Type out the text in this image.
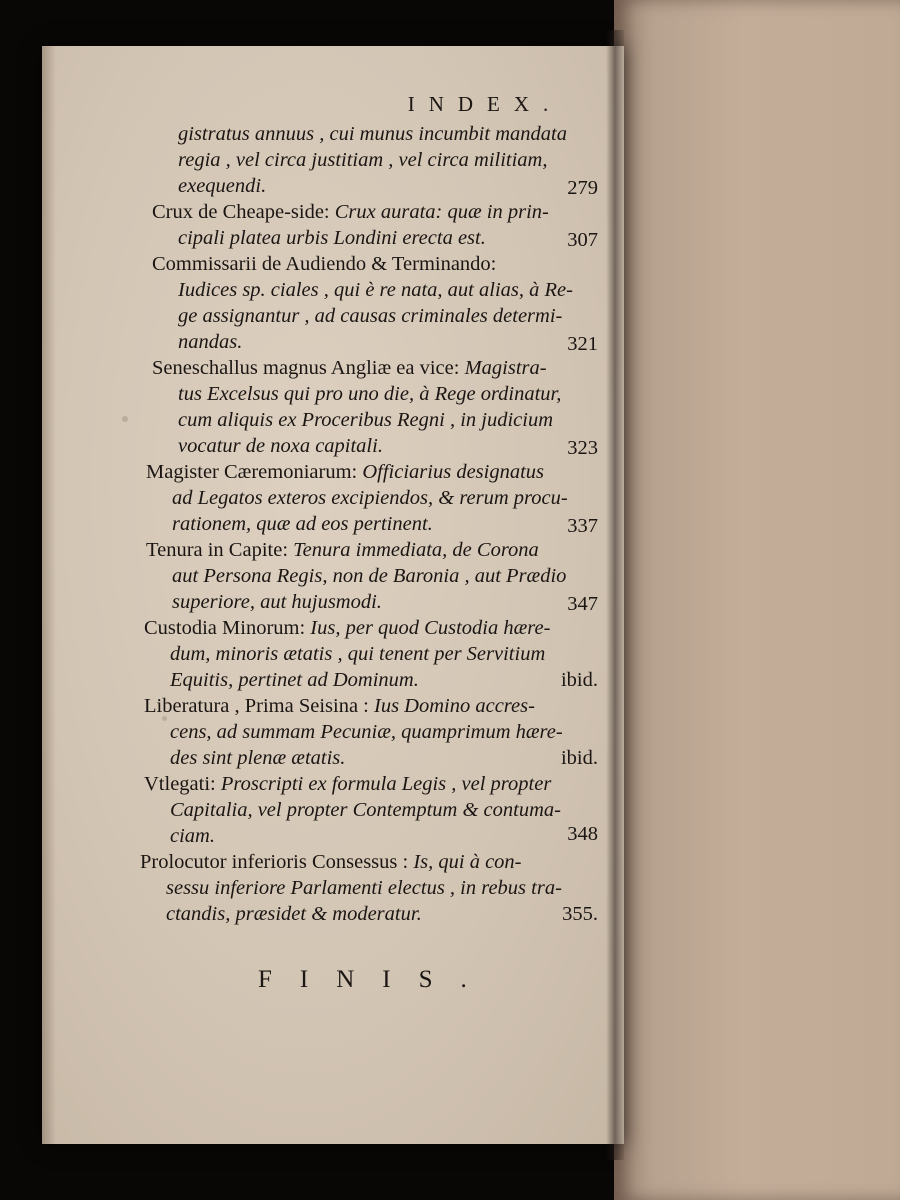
INDEX.
gistratus annuus , cui munus incumbit mandata
regia , vel circa justitiam , vel circa militiam,
exequendi.	279
Crux de Cheape-side: Crux aurata: quæ in prin-
cipali platea urbis Londini erecta est.	307
Commissarii de Audiendo & Terminando:
Iudices sp. ciales , qui è re nata, aut alias, à Re-
ge assignantur , ad causas criminales determi-
nandas.	321
Seneschallus magnus Angliæ ea vice: Magistra-
tus Excelsus qui pro uno die, à Rege ordinatur,
cum aliquis ex Proceribus Regni , in judicium
vocatur de noxa capitali.	323
Magister Cæremoniarum: Officiarius designatus
ad Legatos exteros excipiendos, & rerum procu-
rationem, quæ ad eos pertinent.	337
Tenura in Capite: Tenura immediata, de Corona
aut Persona Regis, non de Baronia , aut Prædio
superiore, aut hujusmodi.	347
Custodia Minorum: Ius, per quod Custodia hære-
dum, minoris ætatis , qui tenent per Servitium
Equitis, pertinet ad Dominum.	ibid.
Liberatura , Prima Seisina : Ius Domino accres-
cens, ad summam Pecuniæ, quamprimum hære-
des sint plenæ ætatis.	ibid.
Vtlegati: Proscripti ex formula Legis , vel propter
Capitalia, vel propter Contemptum & contuma-
ciam.	348
Prolocutor inferioris Consessus : Is, qui à con-
sessu inferiore Parlamenti electus , in rebus tra-
ctandis, præsidet & moderatur.	355.
FINIS.
